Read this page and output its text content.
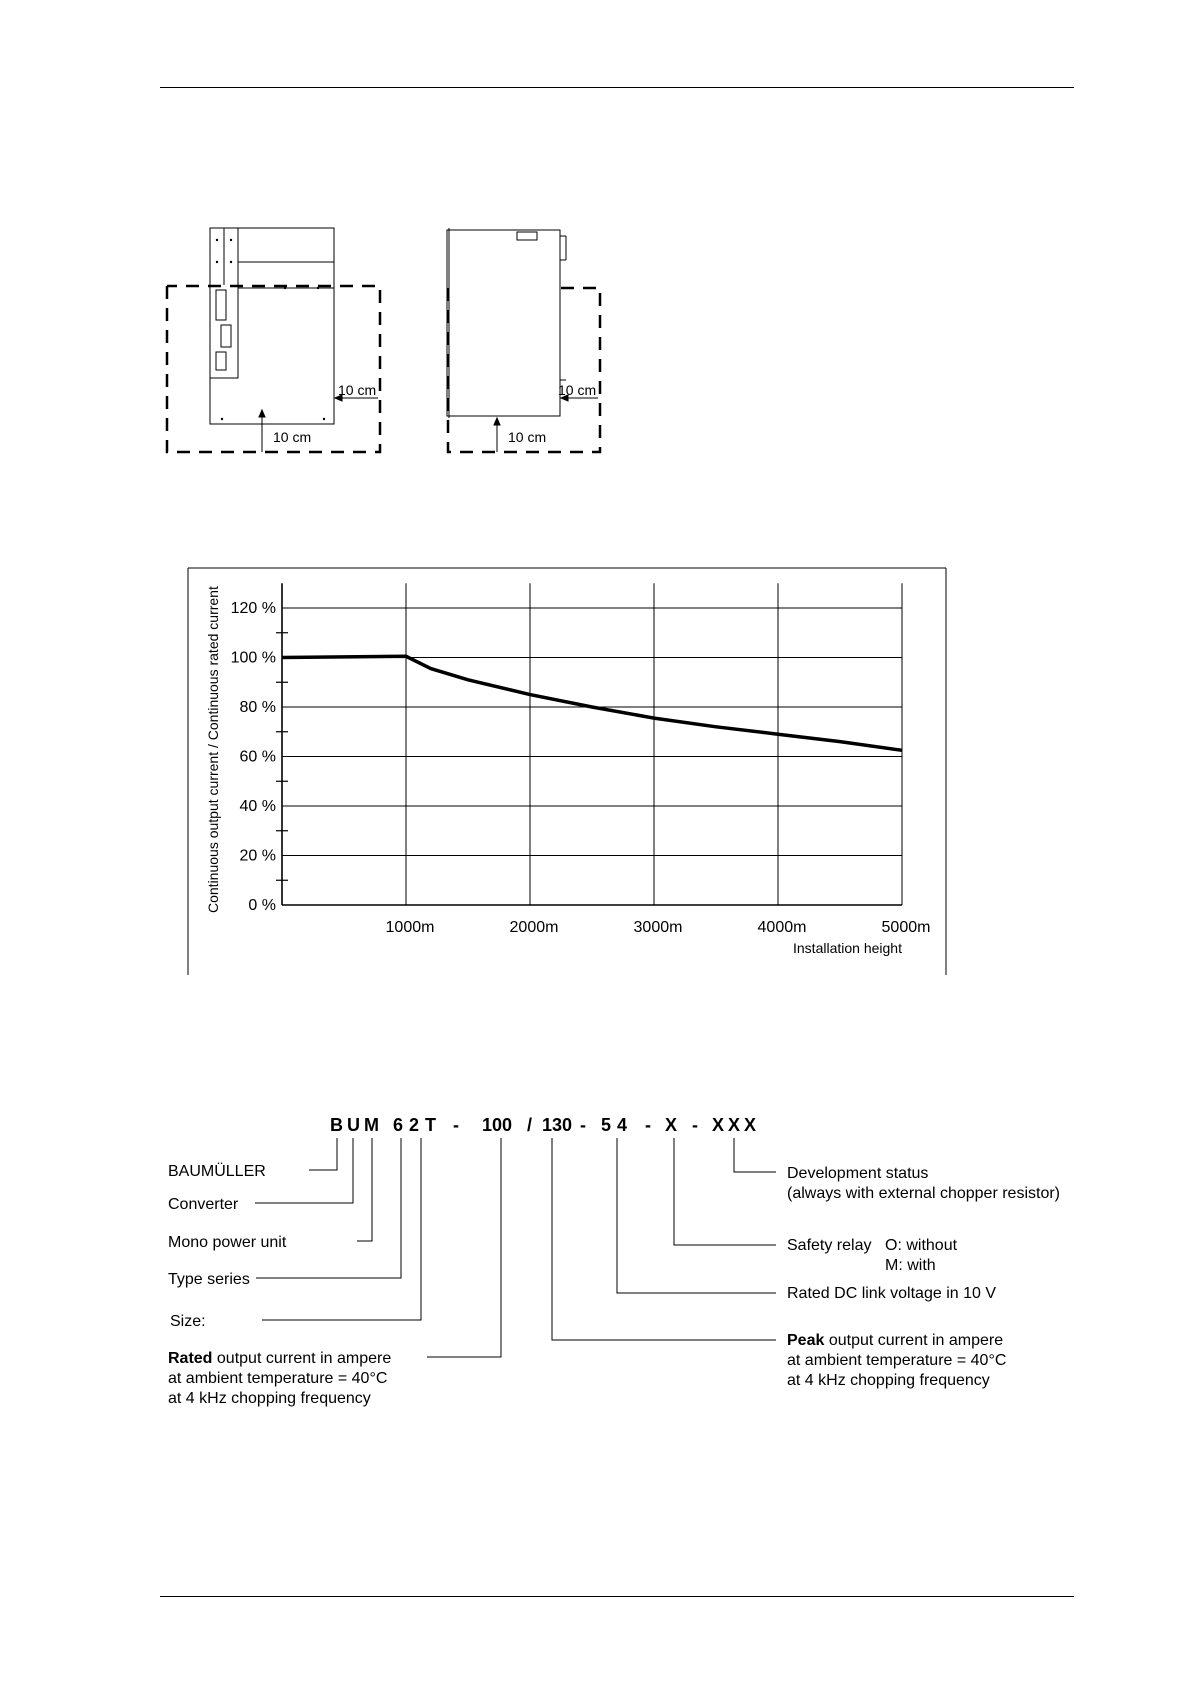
10 cm
10 cm
10 cm
10 cm
0 %
20 %
40 %
60 %
80 %
100 %
120 %
1000m	2000m	3000m	4000m	5000m
Continuous output current / Continuous rated current
Installation height
B U M 6 2 T - 100 / 130 - 5 4 - X - X X X
BAUMÜLLER
Converter
Mono power unit
Type series
Size:
Rated output current in ampere
at ambient temperature = 40°C
at 4 kHz chopping frequency
Development status
(always with external chopper resistor)
Safety relay O: without
M: with
Rated DC link voltage in 10 V
Peak output current in ampere
at ambient temperature = 40°C
at 4 kHz chopping frequency
